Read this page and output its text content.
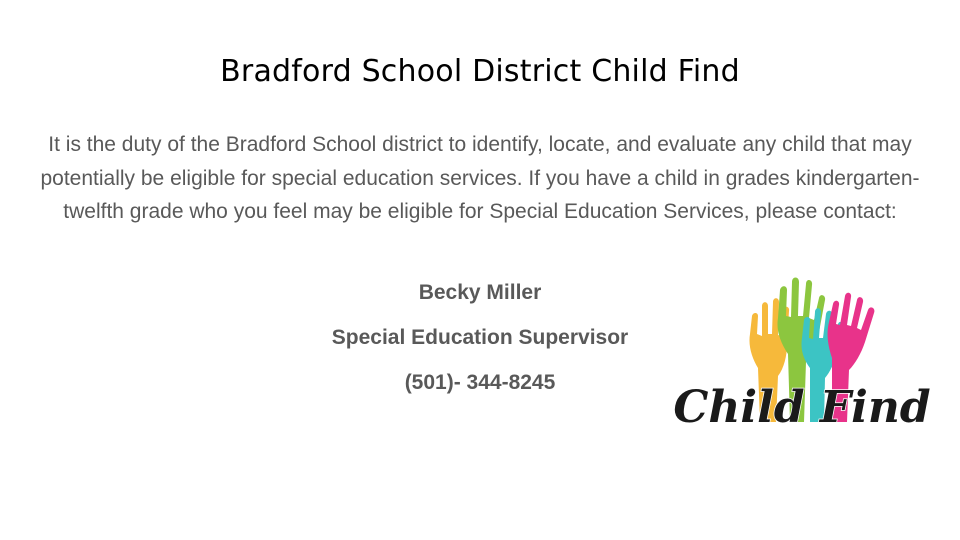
Bradford School District Child Find
It is the duty of the Bradford School district to identify, locate, and evaluate any child that may potentially be eligible for special education services. If you have a child in grades kindergarten-twelfth grade who you feel may be eligible for Special Education Services, please contact:
Becky Miller
Special Education Supervisor
(501)- 344-8245	Child Find
